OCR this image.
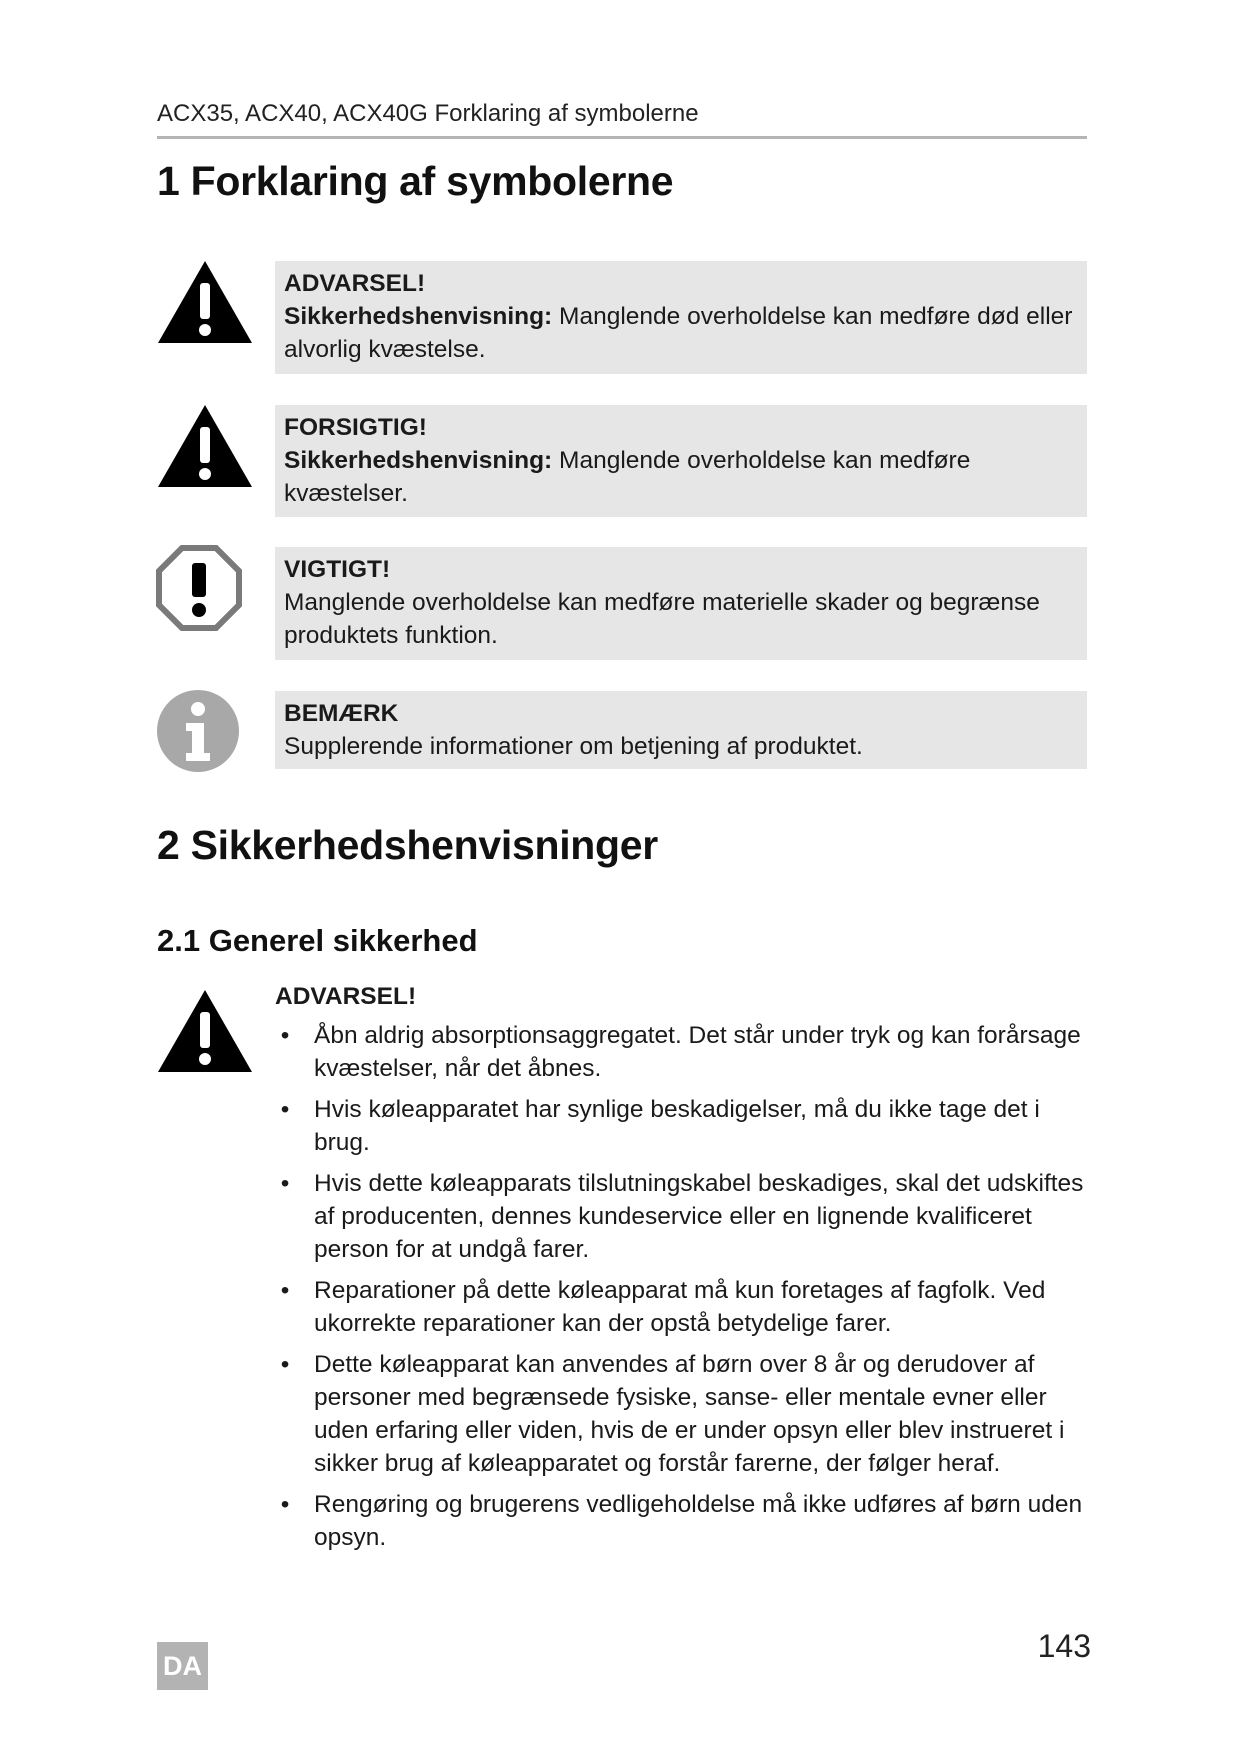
ACX35, ACX40, ACX40G Forklaring af symbolerne
1 Forklaring af symbolerne
ADVARSEL!
Sikkerhedshenvisning: Manglende overholdelse kan medføre død eller alvorlig kvæstelse.
FORSIGTIG!
Sikkerhedshenvisning: Manglende overholdelse kan medføre kvæstelser.
VIGTIGT!
Manglende overholdelse kan medføre materielle skader og begrænse produktets funktion.
BEMÆRK
Supplerende informationer om betjening af produktet.
2 Sikkerhedshenvisninger
2.1 Generel sikkerhed
ADVARSEL!
• Åbn aldrig absorptionsaggregatet. Det står under tryk og kan forårsage kvæstelser, når det åbnes.
• Hvis køleapparatet har synlige beskadigelser, må du ikke tage det i brug.
• Hvis dette køleapparats tilslutningskabel beskadiges, skal det udskiftes af producenten, dennes kundeservice eller en lignende kvalificeret person for at undgå farer.
• Reparationer på dette køleapparat må kun foretages af fagfolk. Ved ukorrekte reparationer kan der opstå betydelige farer.
• Dette køleapparat kan anvendes af børn over 8 år og derudover af personer med begrænsede fysiske, sanse- eller mentale evner eller uden erfaring eller viden, hvis de er under opsyn eller blev instrueret i sikker brug af køleapparatet og forstår farerne, der følger heraf.
• Rengøring og brugerens vedligeholdelse må ikke udføres af børn uden opsyn.
DA
143
